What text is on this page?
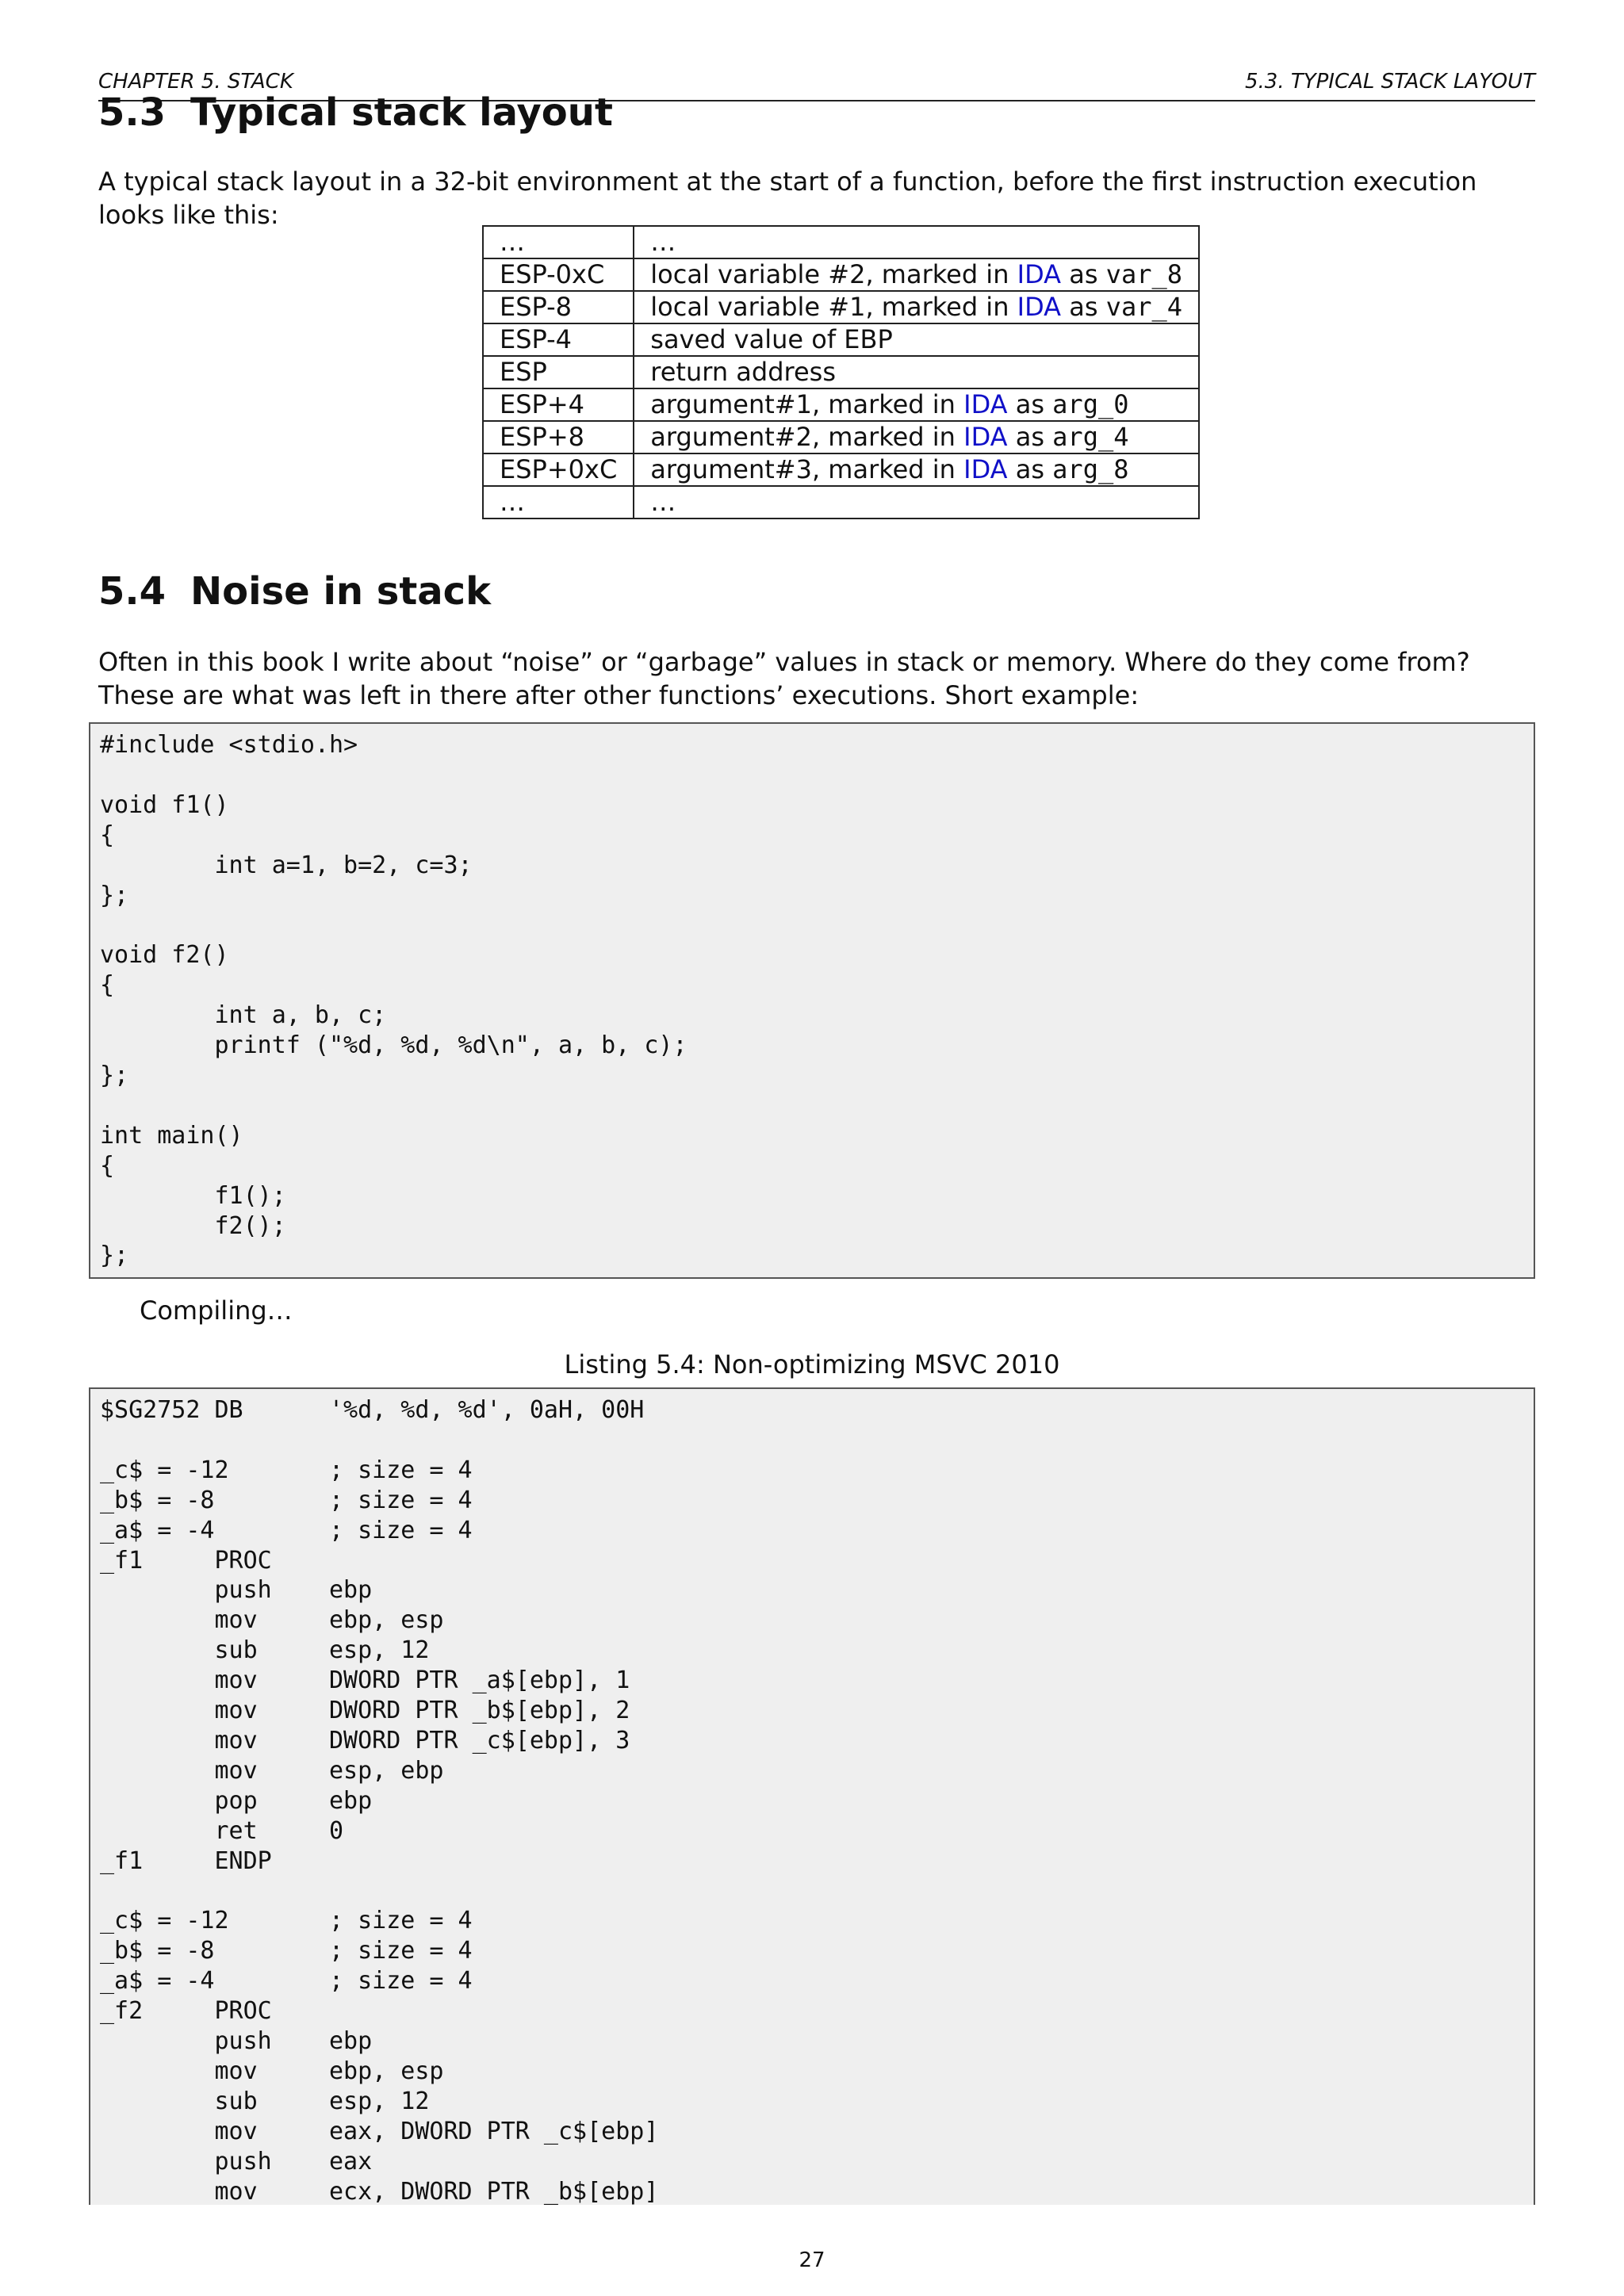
CHAPTER 5. STACK	5.3. TYPICAL STACK LAYOUT
5.3 Typical stack layout

A typical stack layout in a 32-bit environment at the start of a function, before the first instruction execution looks like this:

…	…
ESP-0xC	local variable #2, marked in IDA as var_8
ESP-8	local variable #1, marked in IDA as var_4
ESP-4	saved value of EBP
ESP	return address
ESP+4	argument#1, marked in IDA as arg_0
ESP+8	argument#2, marked in IDA as arg_4
ESP+0xC	argument#3, marked in IDA as arg_8
…	…
5.4 Noise in stack

Often in this book I write about “noise” or “garbage” values in stack or memory. Where do they come from? These are what was left in there after other functions’ executions. Short example:

#include <stdio.h>

void f1()
{
int a=1, b=2, c=3;
};

void f2()
{
int a, b, c;
printf ("%d, %d, %d\n", a, b, c);
};

int main()
{
f1();
f2();
};

Compiling…

Listing 5.4: Non-optimizing MSVC 2010
$SG2752 DB      '%d, %d, %d', 0aH, 00H

_c$ = -12       ; size = 4
_b$ = -8        ; size = 4
_a$ = -4        ; size = 4
_f1     PROC
push    ebp
mov     ebp, esp
sub     esp, 12
mov     DWORD PTR _a$[ebp], 1
mov     DWORD PTR _b$[ebp], 2
mov     DWORD PTR _c$[ebp], 3
mov     esp, ebp
pop     ebp
ret     0
_f1     ENDP

_c$ = -12       ; size = 4
_b$ = -8        ; size = 4
_a$ = -4        ; size = 4
_f2     PROC
push    ebp
mov     ebp, esp
sub     esp, 12
mov     eax, DWORD PTR _c$[ebp]
push    eax
mov     ecx, DWORD PTR _b$[ebp]
27
